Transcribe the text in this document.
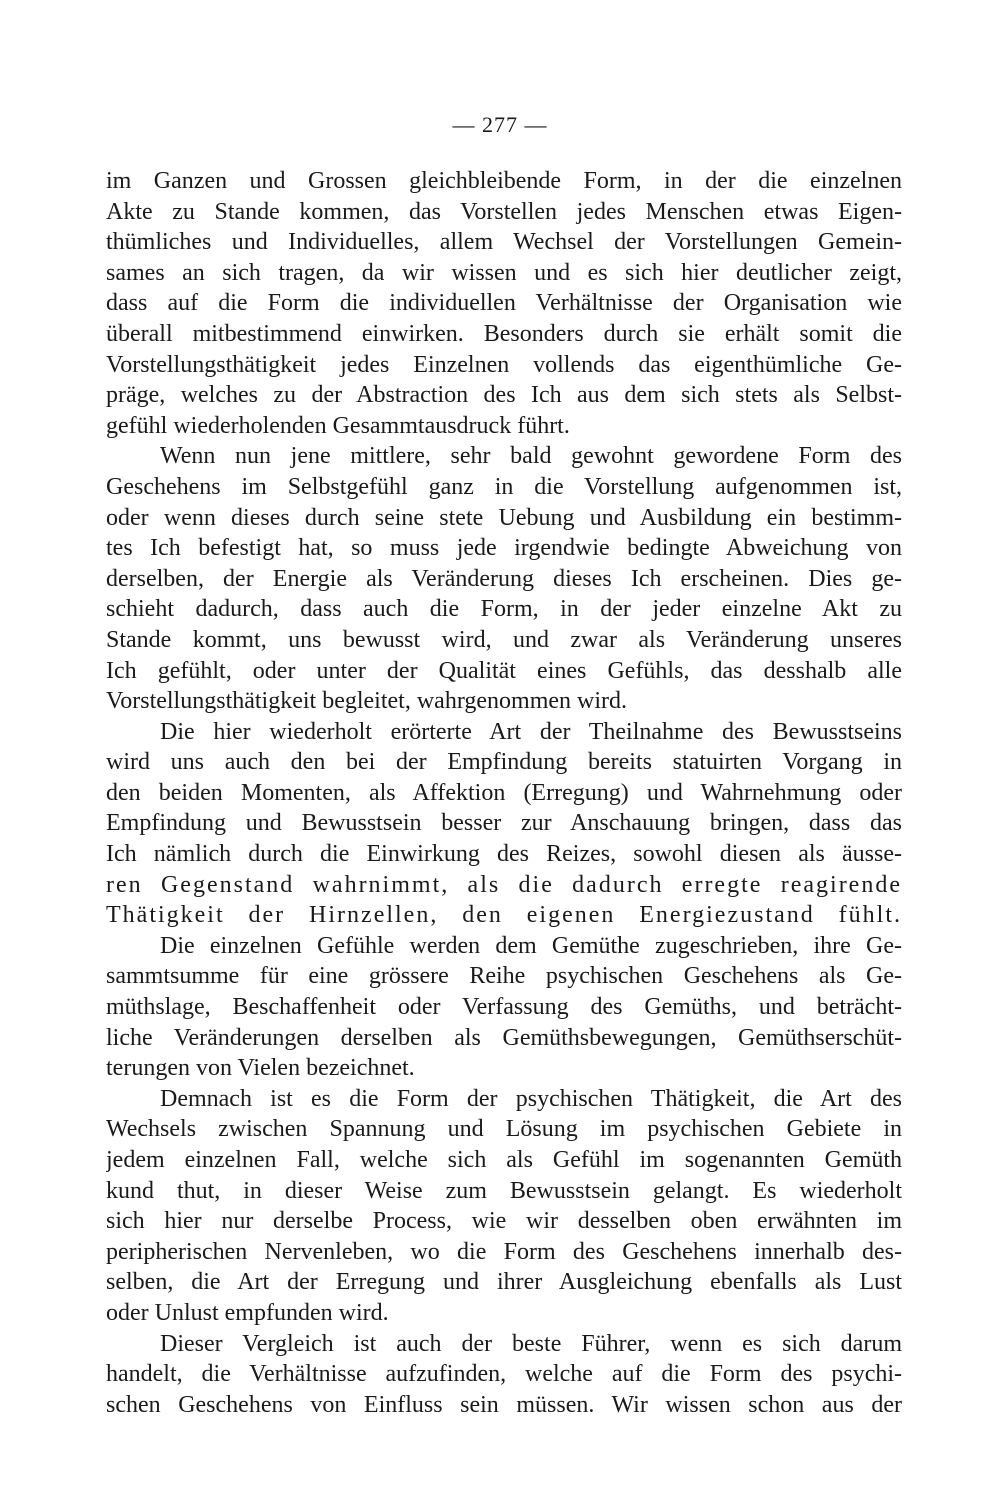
— 277 —
im Ganzen und Grossen gleichbleibende Form, in der die einzelnen
Akte zu Stande kommen, das Vorstellen jedes Menschen etwas Eigen-
thümliches und Individuelles, allem Wechsel der Vorstellungen Gemein-
sames an sich tragen, da wir wissen und es sich hier deutlicher zeigt,
dass auf die Form die individuellen Verhältnisse der Organisation wie
überall mitbestimmend einwirken. Besonders durch sie erhält somit die
Vorstellungsthätigkeit jedes Einzelnen vollends das eigenthümliche Ge-
präge, welches zu der Abstraction des Ich aus dem sich stets als Selbst-
gefühl wiederholenden Gesammtausdruck führt.
Wenn nun jene mittlere, sehr bald gewohnt gewordene Form des
Geschehens im Selbstgefühl ganz in die Vorstellung aufgenommen ist,
oder wenn dieses durch seine stete Uebung und Ausbildung ein bestimm-
tes Ich befestigt hat, so muss jede irgendwie bedingte Abweichung von
derselben, der Energie als Veränderung dieses Ich erscheinen. Dies ge-
schieht dadurch, dass auch die Form, in der jeder einzelne Akt zu
Stande kommt, uns bewusst wird, und zwar als Veränderung unseres
Ich gefühlt, oder unter der Qualität eines Gefühls, das desshalb alle
Vorstellungsthätigkeit begleitet, wahrgenommen wird.
Die hier wiederholt erörterte Art der Theilnahme des Bewusstseins
wird uns auch den bei der Empfindung bereits statuirten Vorgang in
den beiden Momenten, als Affektion (Erregung) und Wahrnehmung oder
Empfindung und Bewusstsein besser zur Anschauung bringen, dass das
Ich nämlich durch die Einwirkung des Reizes, sowohl diesen als äusse-
ren Gegenstand wahrnimmt, als die dadurch erregte reagirende
Thätigkeit der Hirnzellen, den eigenen Energiezustand fühlt.
Die einzelnen Gefühle werden dem Gemüthe zugeschrieben, ihre Ge-
sammtsumme für eine grössere Reihe psychischen Geschehens als Ge-
müthslage, Beschaffenheit oder Verfassung des Gemüths, und beträcht-
liche Veränderungen derselben als Gemüthsbewegungen, Gemüthserschüt-
terungen von Vielen bezeichnet.
Demnach ist es die Form der psychischen Thätigkeit, die Art des
Wechsels zwischen Spannung und Lösung im psychischen Gebiete in
jedem einzelnen Fall, welche sich als Gefühl im sogenannten Gemüth
kund thut, in dieser Weise zum Bewusstsein gelangt. Es wiederholt
sich hier nur derselbe Process, wie wir desselben oben erwähnten im
peripherischen Nervenleben, wo die Form des Geschehens innerhalb des-
selben, die Art der Erregung und ihrer Ausgleichung ebenfalls als Lust
oder Unlust empfunden wird.
Dieser Vergleich ist auch der beste Führer, wenn es sich darum
handelt, die Verhältnisse aufzufinden, welche auf die Form des psychi-
schen Geschehens von Einfluss sein müssen. Wir wissen schon aus der
